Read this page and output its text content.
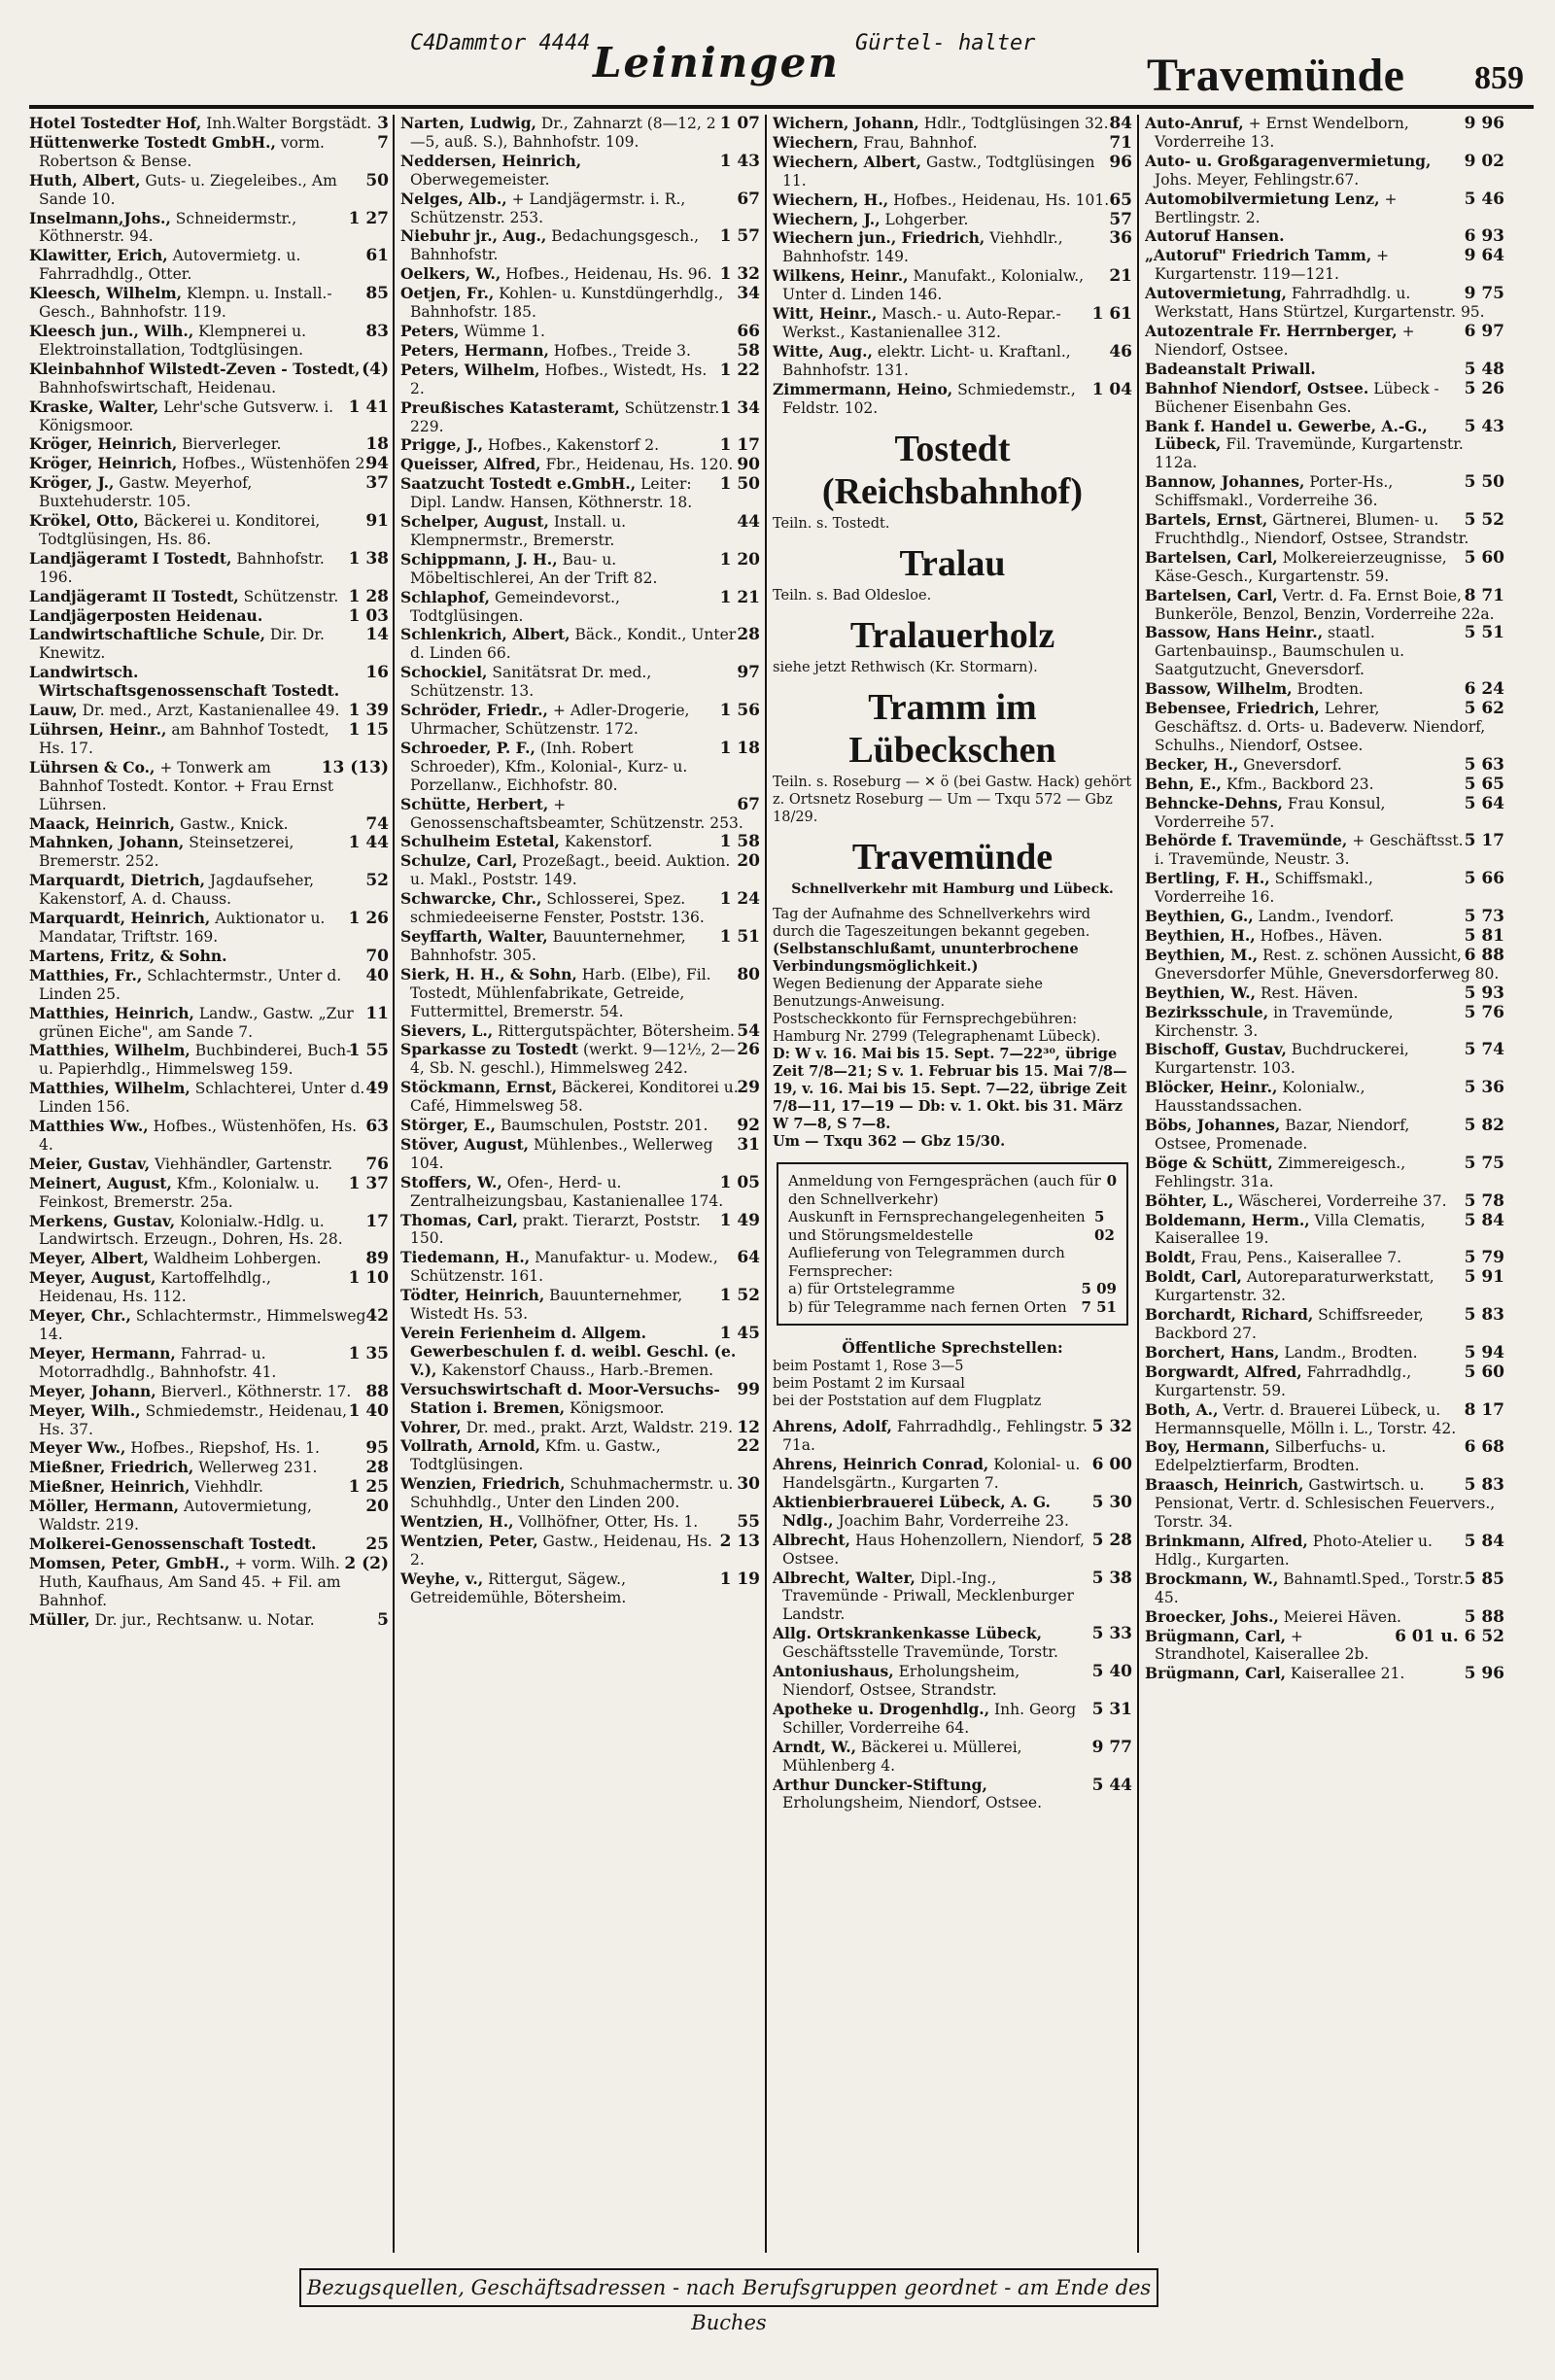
C4Dammtor 4444 Leiningen Gürtel- halter
Travemünde 859
3
Hotel Tostedter Hof, Inh.Walter Borgstädt.
7
Hüttenwerke Tostedt GmbH., vorm. Robertson & Bense.
50
Huth, Albert, Guts- u. Ziegeleibes., Am Sande 10.
1 27
Inselmann,Johs., Schneidermstr., Köthnerstr. 94.
61
Klawitter, Erich, Autovermietg. u. Fahrradhdlg., Otter.
85
Kleesch, Wilhelm, Klempn. u. Install.-Gesch., Bahnhofstr. 119.
83
Kleesch jun., Wilh., Klempnerei u. Elektroinstallation, Todtglüsingen.
(4)
Kleinbahnhof Wilstedt-Zeven - Tostedt, Bahnhofswirtschaft, Heidenau.
1 41
Kraske, Walter, Lehr'sche Gutsverw. i. Königsmoor.
18
Kröger, Heinrich, Bierverleger.
94
Kröger, Heinrich, Hofbes., Wüstenhöfen 2.
37
Kröger, J., Gastw. Meyerhof, Buxtehuderstr. 105.
91
Krökel, Otto, Bäckerei u. Konditorei, Todtglüsingen, Hs. 86.
1 38
Landjägeramt I Tostedt, Bahnhofstr. 196.
1 28
Landjägeramt II Tostedt, Schützenstr.
1 03
Landjägerposten Heidenau.
14
Landwirtschaftliche Schule, Dir. Dr. Knewitz.
16
Landwirtsch. Wirtschaftsgenossenschaft Tostedt.
1 39
Lauw, Dr. med., Arzt, Kastanienallee 49.
1 15
Lührsen, Heinr., am Bahnhof Tostedt, Hs. 17.
13 (13)
Lührsen & Co., + Tonwerk am Bahnhof Tostedt. Kontor. + Frau Ernst Lührsen.
74
Maack, Heinrich, Gastw., Knick.
1 44
Mahnken, Johann, Steinsetzerei, Bremerstr. 252.
52
Marquardt, Dietrich, Jagdaufseher, Kakenstorf, A. d. Chauss.
1 26
Marquardt, Heinrich, Auktionator u. Mandatar, Triftstr. 169.
70
Martens, Fritz, & Sohn.
40
Matthies, Fr., Schlachtermstr., Unter d. Linden 25.
11
Matthies, Heinrich, Landw., Gastw. „Zur grünen Eiche", am Sande 7.
1 55
Matthies, Wilhelm, Buchbinderei, Buch- u. Papierhdlg., Himmelsweg 159.
49
Matthies, Wilhelm, Schlachterei, Unter d. Linden 156.
63
Matthies Ww., Hofbes., Wüstenhöfen, Hs. 4.
76
Meier, Gustav, Viehhändler, Gartenstr.
1 37
Meinert, August, Kfm., Kolonialw. u. Feinkost, Bremerstr. 25a.
17
Merkens, Gustav, Kolonialw.-Hdlg. u. Landwirtsch. Erzeugn., Dohren, Hs. 28.
89
Meyer, Albert, Waldheim Lohbergen.
1 10
Meyer, August, Kartoffelhdlg., Heidenau, Hs. 112.
42
Meyer, Chr., Schlachtermstr., Himmelsweg 14.
1 35
Meyer, Hermann, Fahrrad- u. Motorradhdlg., Bahnhofstr. 41.
88
Meyer, Johann, Bierverl., Köthnerstr. 17.
1 40
Meyer, Wilh., Schmiedemstr., Heidenau, Hs. 37.
95
Meyer Ww., Hofbes., Riepshof, Hs. 1.
28
Mießner, Friedrich, Wellerweg 231.
1 25
Mießner, Heinrich, Viehhdlr.
20
Möller, Hermann, Autovermietung, Waldstr. 219.
25
Molkerei-Genossenschaft Tostedt.
2 (2)
Momsen, Peter, GmbH., + vorm. Wilh. Huth, Kaufhaus, Am Sand 45. + Fil. am Bahnhof.
5
Müller, Dr. jur., Rechtsanw. u. Notar.
1 07
Narten, Ludwig, Dr., Zahnarzt (8—12, 2—5, auß. S.), Bahnhofstr. 109.
1 43
Neddersen, Heinrich, Oberwegemeister.
67
Nelges, Alb., + Landjägermstr. i. R., Schützenstr. 253.
1 57
Niebuhr jr., Aug., Bedachungsgesch., Bahnhofstr.
1 32
Oelkers, W., Hofbes., Heidenau, Hs. 96.
34
Oetjen, Fr., Kohlen- u. Kunstdüngerhdlg., Bahnhofstr. 185.
66
Peters, Wümme 1.
58
Peters, Hermann, Hofbes., Treide 3.
1 22
Peters, Wilhelm, Hofbes., Wistedt, Hs. 2.
1 34
Preußisches Katasteramt, Schützenstr. 229.
1 17
Prigge, J., Hofbes., Kakenstorf 2.
90
Queisser, Alfred, Fbr., Heidenau, Hs. 120.
1 50
Saatzucht Tostedt e.GmbH., Leiter: Dipl. Landw. Hansen, Köthnerstr. 18.
44
Schelper, August, Install. u. Klempnermstr., Bremerstr.
1 20
Schippmann, J. H., Bau- u. Möbeltischlerei, An der Trift 82.
1 21
Schlaphof, Gemeindevorst., Todtglüsingen.
28
Schlenkrich, Albert, Bäck., Kondit., Unter d. Linden 66.
97
Schockiel, Sanitätsrat Dr. med., Schützenstr. 13.
1 56
Schröder, Friedr., + Adler-Drogerie, Uhrmacher, Schützenstr. 172.
1 18
Schroeder, P. F., (Inh. Robert Schroeder), Kfm., Kolonial-, Kurz- u. Porzellanw., Eichhofstr. 80.
67
Schütte, Herbert, + Genossenschaftsbeamter, Schützenstr. 253.
1 58
Schulheim Estetal, Kakenstorf.
20
Schulze, Carl, Prozeßagt., beeid. Auktion. u. Makl., Poststr. 149.
1 24
Schwarcke, Chr., Schlosserei, Spez. schmiedeeiserne Fenster, Poststr. 136.
1 51
Seyffarth, Walter, Bauunternehmer, Bahnhofstr. 305.
80
Sierk, H. H., & Sohn, Harb. (Elbe), Fil. Tostedt, Mühlenfabrikate, Getreide, Futtermittel, Bremerstr. 54.
54
Sievers, L., Rittergutspächter, Bötersheim.
26
Sparkasse zu Tostedt (werkt. 9—12½, 2—4, Sb. N. geschl.), Himmelsweg 242.
29
Stöckmann, Ernst, Bäckerei, Konditorei u. Café, Himmelsweg 58.
92
Störger, E., Baumschulen, Poststr. 201.
31
Stöver, August, Mühlenbes., Wellerweg 104.
1 05
Stoffers, W., Ofen-, Herd- u. Zentralheizungsbau, Kastanienallee 174.
1 49
Thomas, Carl, prakt. Tierarzt, Poststr. 150.
64
Tiedemann, H., Manufaktur- u. Modew., Schützenstr. 161.
1 52
Tödter, Heinrich, Bauunternehmer, Wistedt Hs. 53.
1 45
Verein Ferienheim d. Allgem. Gewerbeschulen f. d. weibl. Geschl. (e. V.), Kakenstorf Chauss., Harb.-Bremen.
99
Versuchswirtschaft d. Moor-Versuchs-Station i. Bremen, Königsmoor.
12
Vohrer, Dr. med., prakt. Arzt, Waldstr. 219.
22
Vollrath, Arnold, Kfm. u. Gastw., Todtglüsingen.
30
Wenzien, Friedrich, Schuhmachermstr. u. Schuhhdlg., Unter den Linden 200.
55
Wentzien, H., Vollhöfner, Otter, Hs. 1.
2 13
Wentzien, Peter, Gastw., Heidenau, Hs. 2.
1 19
Weyhe, v., Rittergut, Sägew., Getreidemühle, Bötersheim.
84
Wichern, Johann, Hdlr., Todtglüsingen 32.
71
Wiechern, Frau, Bahnhof.
96
Wiechern, Albert, Gastw., Todtglüsingen 11.
65
Wiechern, H., Hofbes., Heidenau, Hs. 101.
57
Wiechern, J., Lohgerber.
36
Wiechern jun., Friedrich, Viehhdlr., Bahnhofstr. 149.
21
Wilkens, Heinr., Manufakt., Kolonialw., Unter d. Linden 146.
1 61
Witt, Heinr., Masch.- u. Auto-Repar.-Werkst., Kastanienallee 312.
46
Witte, Aug., elektr. Licht- u. Kraftanl., Bahnhofstr. 131.
1 04
Zimmermann, Heino, Schmiedemstr., Feldstr. 102.
Tostedt (Reichsbahnhof)
Teiln. s. Tostedt.
Tralau
Teiln. s. Bad Oldesloe.
Tralauerholz
siehe jetzt Rethwisch (Kr. Stormarn).
Tramm im Lübeckschen
Teiln. s. Roseburg — ✕ ö (bei Gastw. Hack) gehört z. Ortsnetz Roseburg — Um — Txqu 572 — Gbz 18/29.
Travemünde
Schnellverkehr mit Hamburg und Lübeck.
Tag der Aufnahme des Schnellverkehrs wird durch die Tageszeitungen bekannt gegeben.
(Selbstanschlußamt, ununterbrochene Verbindungsmöglichkeit.)
Wegen Bedienung der Apparate siehe Benutzungs-Anweisung.
Postscheckkonto für Fernsprechgebühren: Hamburg Nr. 2799 (Telegraphenamt Lübeck).
D: W v. 16. Mai bis 15. Sept. 7—22³⁰, übrige Zeit 7/8—21; S v. 1. Februar bis 15. Mai 7/8—19, v. 16. Mai bis 15. Sept. 7—22, übrige Zeit 7/8—11, 17—19 — Db: v. 1. Okt. bis 31. März W 7—8, S 7—8.
Um — Txqu 362 — Gbz 15/30.
Anmeldung von Ferngesprächen (auch für den Schnellverkehr)
0
Auskunft in Fernsprechangelegenheiten und Störungsmeldestelle
5 02
Auflieferung von Telegrammen durch Fernsprecher:
a) für Ortstelegramme	5 09
b) für Telegramme nach fernen Orten 7 51
Öffentliche Sprechstellen:
beim Postamt 1, Rose 3—5
beim Postamt 2 im Kursaal
bei der Poststation auf dem Flugplatz
5 32
Ahrens, Adolf, Fahrradhdlg., Fehlingstr. 71a.
6 00
Ahrens, Heinrich Conrad, Kolonial- u. Handelsgärtn., Kurgarten 7.
5 30
Aktienbierbrauerei Lübeck, A. G. Ndlg., Joachim Bahr, Vorderreihe 23.
5 28
Albrecht, Haus Hohenzollern, Niendorf, Ostsee.
5 38
Albrecht, Walter, Dipl.-Ing., Travemünde - Priwall, Mecklenburger Landstr.
5 33
Allg. Ortskrankenkasse Lübeck, Geschäftsstelle Travemünde, Torstr.
5 40
Antoniushaus, Erholungsheim, Niendorf, Ostsee, Strandstr.
5 31
Apotheke u. Drogenhdlg., Inh. Georg Schiller, Vorderreihe 64.
9 77
Arndt, W., Bäckerei u. Müllerei, Mühlenberg 4.
5 44
Arthur Duncker-Stiftung, Erholungsheim, Niendorf, Ostsee.
9 96
Auto-Anruf, + Ernst Wendelborn, Vorderreihe 13.
9 02
Auto- u. Großgaragenvermietung, Johs. Meyer, Fehlingstr.67.
5 46
Automobilvermietung Lenz, + Bertlingstr. 2.
6 93
Autoruf Hansen.
9 64
„Autoruf" Friedrich Tamm, + Kurgartenstr. 119—121.
9 75
Autovermietung, Fahrradhdlg. u. Werkstatt, Hans Stürtzel, Kurgartenstr. 95.
6 97
Autozentrale Fr. Herrnberger, + Niendorf, Ostsee.
5 48
Badeanstalt Priwall.
5 26
Bahnhof Niendorf, Ostsee. Lübeck - Büchener Eisenbahn Ges.
5 43
Bank f. Handel u. Gewerbe, A.-G., Lübeck, Fil. Travemünde, Kurgartenstr. 112a.
5 50
Bannow, Johannes, Porter-Hs., Schiffsmakl., Vorderreihe 36.
5 52
Bartels, Ernst, Gärtnerei, Blumen- u. Fruchthdlg., Niendorf, Ostsee, Strandstr.
5 60
Bartelsen, Carl, Molkereierzeugnisse, Käse-Gesch., Kurgartenstr. 59.
8 71
Bartelsen, Carl, Vertr. d. Fa. Ernst Boie, Bunkeröle, Benzol, Benzin, Vorderreihe 22a.
5 51
Bassow, Hans Heinr., staatl. Gartenbauinsp., Baumschulen u. Saatgutzucht, Gneversdorf.
6 24
Bassow, Wilhelm, Brodten.
5 62
Bebensee, Friedrich, Lehrer, Geschäftsz. d. Orts- u. Badeverw. Niendorf, Schulhs., Niendorf, Ostsee.
5 63
Becker, H., Gneversdorf.
5 65
Behn, E., Kfm., Backbord 23.
5 64
Behncke-Dehns, Frau Konsul, Vorderreihe 57.
5 17
Behörde f. Travemünde, + Geschäftsst. i. Travemünde, Neustr. 3.
5 66
Bertling, F. H., Schiffsmakl., Vorderreihe 16.
5 73
Beythien, G., Landm., Ivendorf.
5 81
Beythien, H., Hofbes., Häven.
6 88
Beythien, M., Rest. z. schönen Aussicht, Gneversdorfer Mühle, Gneversdorferweg 80.
5 93
Beythien, W., Rest. Häven.
5 76
Bezirksschule, in Travemünde, Kirchenstr. 3.
5 74
Bischoff, Gustav, Buchdruckerei, Kurgartenstr. 103.
5 36
Blöcker, Heinr., Kolonialw., Hausstandssachen.
5 82
Böbs, Johannes, Bazar, Niendorf, Ostsee, Promenade.
5 75
Böge & Schütt, Zimmereigesch., Fehlingstr. 31a.
5 78
Böhter, L., Wäscherei, Vorderreihe 37.
5 84
Boldemann, Herm., Villa Clematis, Kaiserallee 19.
5 79
Boldt, Frau, Pens., Kaiserallee 7.
5 91
Boldt, Carl, Autoreparaturwerkstatt, Kurgartenstr. 32.
5 83
Borchardt, Richard, Schiffsreeder, Backbord 27.
5 94
Borchert, Hans, Landm., Brodten.
5 60
Borgwardt, Alfred, Fahrradhdlg., Kurgartenstr. 59.
8 17
Both, A., Vertr. d. Brauerei Lübeck, u. Hermannsquelle, Mölln i. L., Torstr. 42.
6 68
Boy, Hermann, Silberfuchs- u. Edelpelztierfarm, Brodten.
5 83
Braasch, Heinrich, Gastwirtsch. u. Pensionat, Vertr. d. Schlesischen Feuervers., Torstr. 34.
5 84
Brinkmann, Alfred, Photo-Atelier u. Hdlg., Kurgarten.
5 85
Brockmann, W., Bahnamtl.Sped., Torstr. 45.
5 88
Broecker, Johs., Meierei Häven.
6 01 u. 6 52
Brügmann, Carl, + Strandhotel, Kaiserallee 2b.
5 96
Brügmann, Carl, Kaiserallee 21.
Bezugsquellen, Geschäftsadressen - nach Berufsgruppen geordnet - am Ende des Buches
